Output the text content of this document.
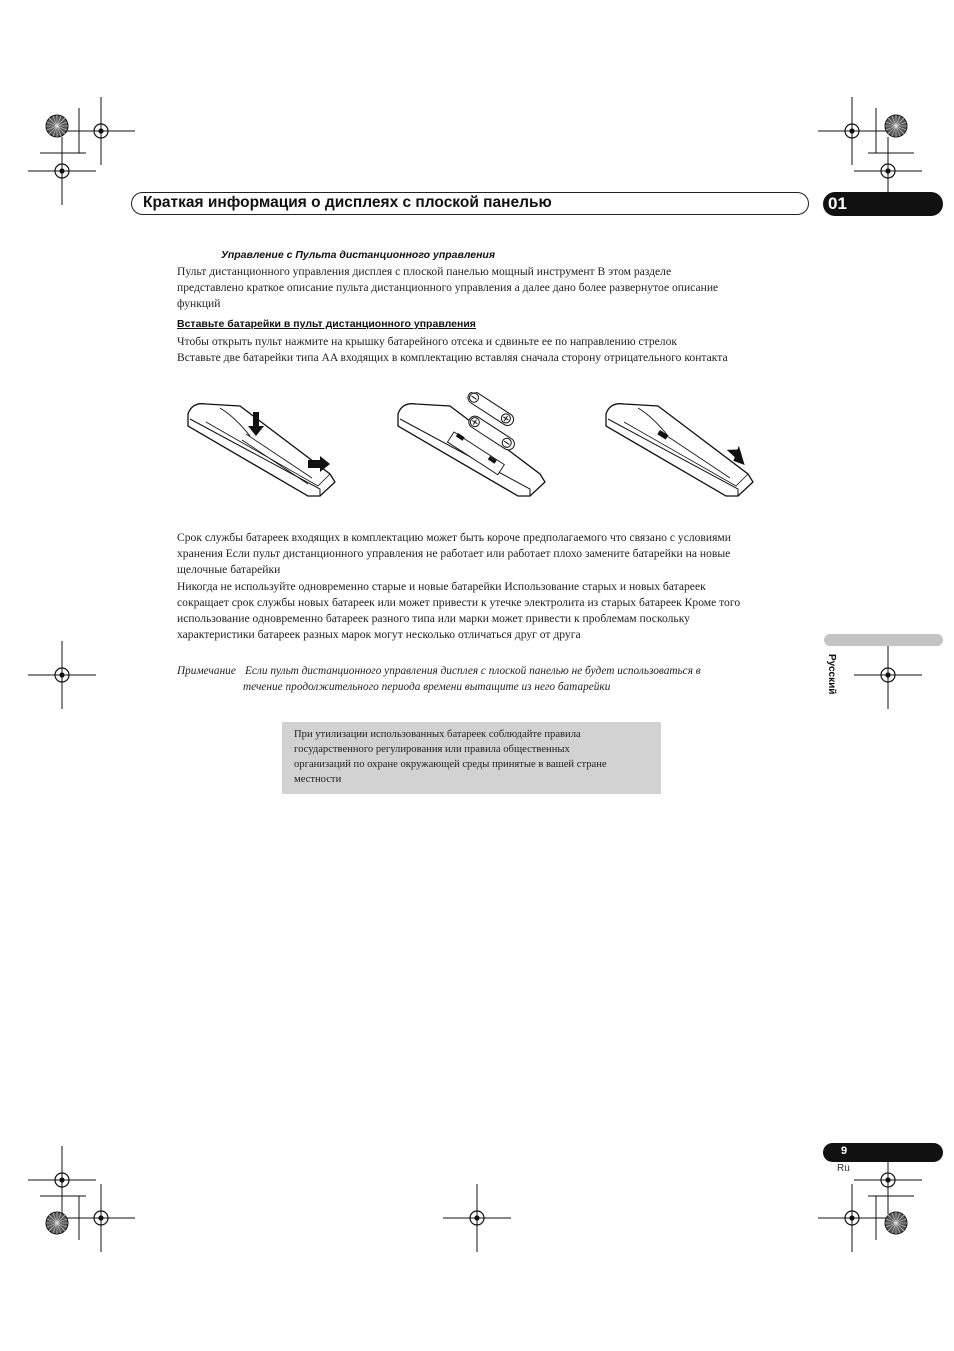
Краткая информация о дисплеях с плоской панелью	01
Управление с Пульта дистанционного управления
Пульт дистанционного управления дисплея с плоской панелью мощный инструмент В этом разделе
представлено краткое описание пульта дистанционного управления а далее дано более развернутое описание
функций
Вставьте батарейки в пульт дистанционного управления
Чтобы открыть пульт нажмите на крышку батарейного отсека и сдвиньте ее по направлению стрелок
Вставьте две батарейки типа AA входящих в комплектацию вставляя сначала сторону отрицательного контакта
Срок службы батареек входящих в комплектацию может быть короче предполагаемого что связано с условиями
хранения Если пульт дистанционного управления не работает или работает плохо замените батарейки на новые
щелочные батарейки
Никогда не используйте одновременно старые и новые батарейки Использование старых и новых батареек
сокращает срок службы новых батареек или может привести к утечке электролита из старых батареек Кроме того
использование одновременно батареек разного типа или марки может привести к проблемам поскольку
характеристики батареек разных марок могут несколько отличаться друг от друга
Примечание Если пульт дистанционного управления дисплея с плоской панелью не будет использоваться в
течение продолжительного периода времени вытащите из него батарейки	Русский
При утилизации использованных батареек соблюдайте правила
государственного регулирования или правила общественных
организаций по охране окружающей среды принятые в вашей стране
местности
9
Ru
